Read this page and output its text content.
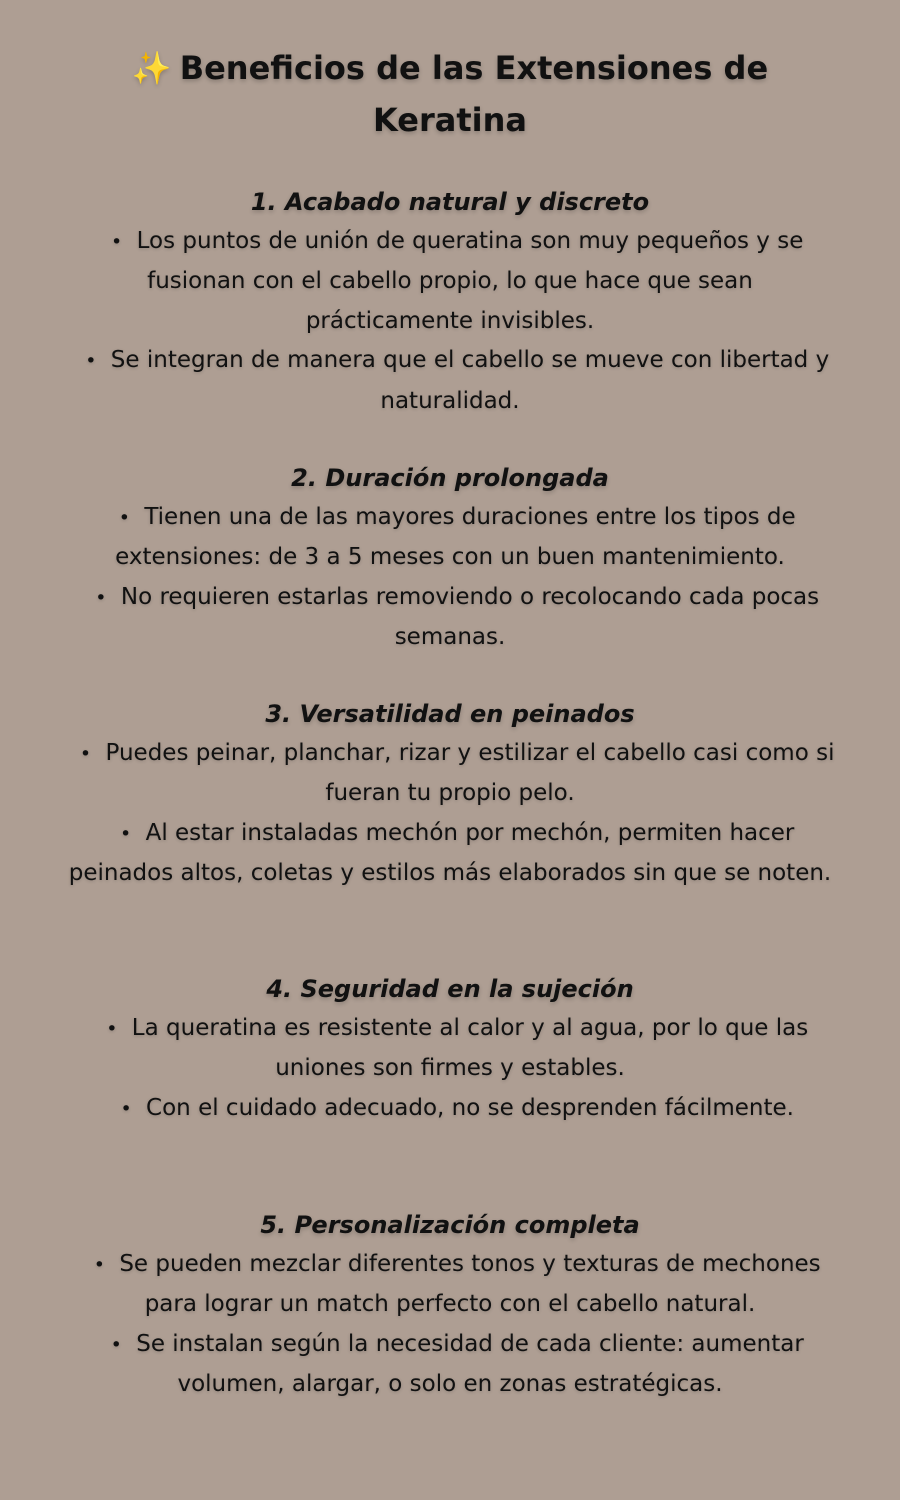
✨ Beneficios de las Extensiones de Keratina
1. Acabado natural y discreto
• Los puntos de unión de queratina son muy pequeños y se fusionan con el cabello propio, lo que hace que sean prácticamente invisibles.
• Se integran de manera que el cabello se mueve con libertad y naturalidad.
2. Duración prolongada
• Tienen una de las mayores duraciones entre los tipos de extensiones: de 3 a 5 meses con un buen mantenimiento.
• No requieren estarlas removiendo o recolocando cada pocas semanas.
3. Versatilidad en peinados
• Puedes peinar, planchar, rizar y estilizar el cabello casi como si fueran tu propio pelo.
• Al estar instaladas mechón por mechón, permiten hacer peinados altos, coletas y estilos más elaborados sin que se noten.
4. Seguridad en la sujeción
• La queratina es resistente al calor y al agua, por lo que las uniones son firmes y estables.
• Con el cuidado adecuado, no se desprenden fácilmente.
5. Personalización completa
• Se pueden mezclar diferentes tonos y texturas de mechones para lograr un match perfecto con el cabello natural.
• Se instalan según la necesidad de cada cliente: aumentar volumen, alargar, o solo en zonas estratégicas.
